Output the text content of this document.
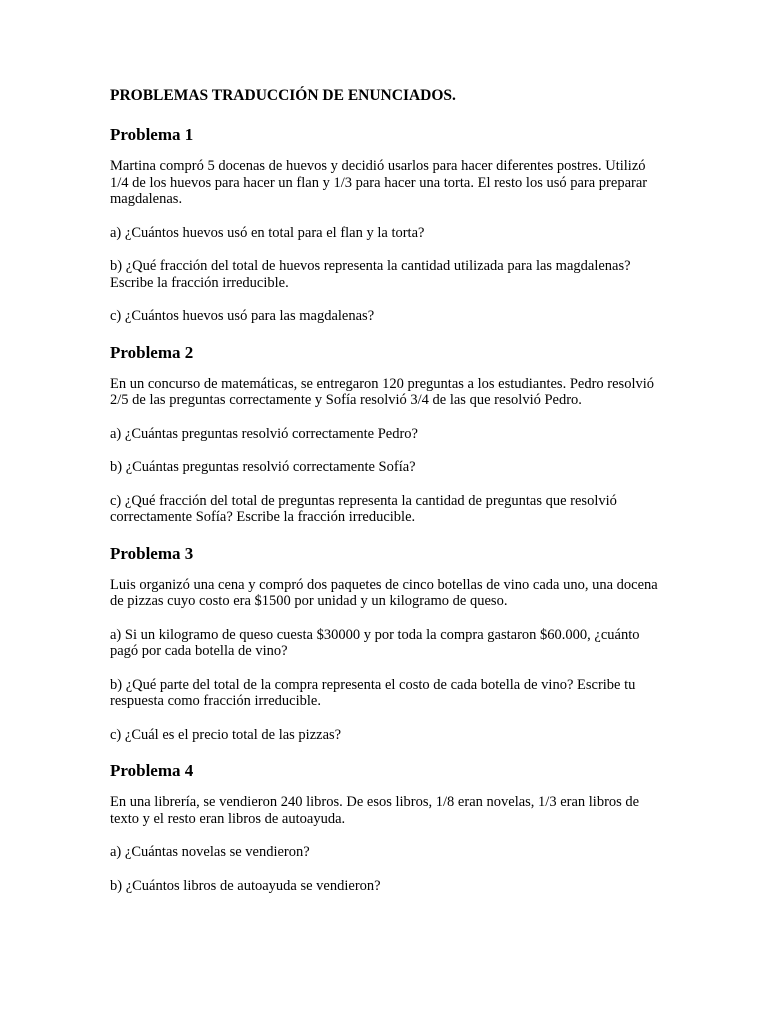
PROBLEMAS TRADUCCIÓN DE ENUNCIADOS.
Problema 1

Martina compró 5 docenas de huevos y decidió usarlos para hacer diferentes postres. Utilizó 1/4 de los huevos para hacer un flan y 1/3 para hacer una torta. El resto los usó para preparar magdalenas.

a) ¿Cuántos huevos usó en total para el flan y la torta?

b) ¿Qué fracción del total de huevos representa la cantidad utilizada para las magdalenas? Escribe la fracción irreducible.

c) ¿Cuántos huevos usó para las magdalenas?

Problema 2

En un concurso de matemáticas, se entregaron 120 preguntas a los estudiantes. Pedro resolvió 2/5 de las preguntas correctamente y Sofía resolvió 3/4 de las que resolvió Pedro.

a) ¿Cuántas preguntas resolvió correctamente Pedro?

b) ¿Cuántas preguntas resolvió correctamente Sofía?

c) ¿Qué fracción del total de preguntas representa la cantidad de preguntas que resolvió correctamente Sofía? Escribe la fracción irreducible.

Problema 3

Luis organizó una cena y compró dos paquetes de cinco botellas de vino cada uno, una docena de pizzas cuyo costo era $1500 por unidad y un kilogramo de queso.

a) Si un kilogramo de queso cuesta $30000 y por toda la compra gastaron $60.000, ¿cuánto pagó por cada botella de vino?

b) ¿Qué parte del total de la compra representa el costo de cada botella de vino? Escribe tu respuesta como fracción irreducible.

c) ¿Cuál es el precio total de las pizzas?

Problema 4

En una librería, se vendieron 240 libros. De esos libros, 1/8 eran novelas, 1/3 eran libros de texto y el resto eran libros de autoayuda.

a) ¿Cuántas novelas se vendieron?

b) ¿Cuántos libros de autoayuda se vendieron?
